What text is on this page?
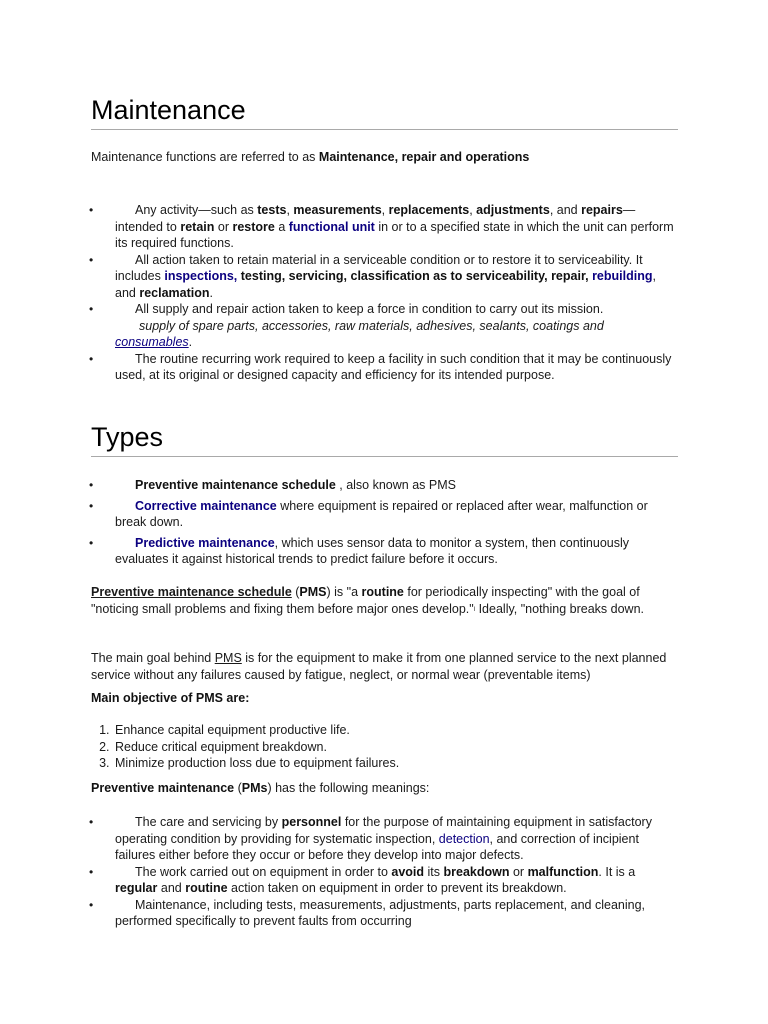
Maintenance

Maintenance functions are referred to as Maintenance, repair and operations

•	Any activity—such as tests, measurements, replacements, adjustments, and repairs—intended to retain or restore a functional unit in or to a specified state in which the unit can perform its required functions.
•	All action taken to retain material in a serviceable condition or to restore it to serviceability. It includes inspections, testing, servicing, classification as to serviceability, repair, rebuilding, and reclamation.
•	All supply and repair action taken to keep a force in condition to carry out its mission.
supply of spare parts, accessories, raw materials, adhesives, sealants, coatings and consumables.
•	The routine recurring work required to keep a facility in such condition that it may be continuously used, at its original or designed capacity and efficiency for its intended purpose.
Types
•	Preventive maintenance schedule , also known as PMS
•	Corrective maintenance where equipment is repaired or replaced after wear, malfunction or break down.
•	Predictive maintenance, which uses sensor data to monitor a system, then continuously evaluates it against historical trends to predict failure before it occurs.

Preventive maintenance schedule (PMS) is "a routine for periodically inspecting" with the goal of "noticing small problems and fixing them before major ones develop."ˡ Ideally, "nothing breaks down.

The main goal behind PMS is for the equipment to make it from one planned service to the next planned service without any failures caused by fatigue, neglect, or normal wear (preventable items)

Main objective of PMS are:

1. Enhance capital equipment productive life.
2. Reduce critical equipment breakdown.
3. Minimize production loss due to equipment failures.

Preventive maintenance (PMs) has the following meanings:

•	The care and servicing by personnel for the purpose of maintaining equipment in satisfactory operating condition by providing for systematic inspection, detection, and correction of incipient failures either before they occur or before they develop into major defects.
•	The work carried out on equipment in order to avoid its breakdown or malfunction. It is a regular and routine action taken on equipment in order to prevent its breakdown.
•	Maintenance, including tests, measurements, adjustments, parts replacement, and cleaning, performed specifically to prevent faults from occurring
